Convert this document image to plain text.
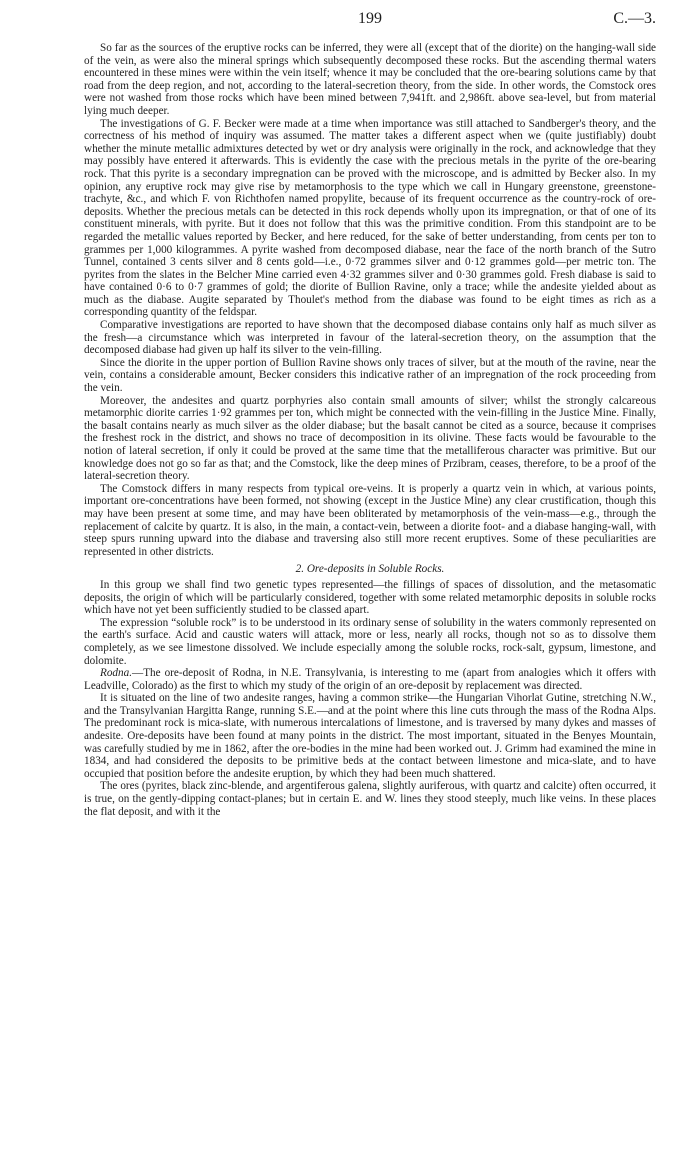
199	C.—3.

So far as the sources of the eruptive rocks can be inferred, they were all (except that of the diorite) on the hanging-wall side of the vein, as were also the mineral springs which subsequently decomposed these rocks. But the ascending thermal waters encountered in these mines were within the vein itself; whence it may be concluded that the ore-bearing solutions came by that road from the deep region, and not, according to the lateral-secretion theory, from the side. In other words, the Comstock ores were not washed from those rocks which have been mined between 7,941ft. and 2,986ft. above sea-level, but from material lying much deeper.

The investigations of G. F. Becker were made at a time when importance was still attached to Sandberger's theory, and the correctness of his method of inquiry was assumed. The matter takes a different aspect when we (quite justifiably) doubt whether the minute metallic admixtures detected by wet or dry analysis were originally in the rock, and acknowledge that they may possibly have entered it afterwards. This is evidently the case with the precious metals in the pyrite of the ore-bearing rock. That this pyrite is a secondary impregnation can be proved with the microscope, and is admitted by Becker also. In my opinion, any eruptive rock may give rise by metamorphosis to the type which we call in Hungary greenstone, greenstone-trachyte, &c., and which F. von Richthofen named propylite, because of its frequent occurrence as the country-rock of ore-deposits. Whether the precious metals can be detected in this rock depends wholly upon its impregnation, or that of one of its constituent minerals, with pyrite. But it does not follow that this was the primitive condition. From this standpoint are to be regarded the metallic values reported by Becker, and here reduced, for the sake of better understanding, from cents per ton to grammes per 1,000 kilogrammes. A pyrite washed from decomposed diabase, near the face of the north branch of the Sutro Tunnel, contained 3 cents silver and 8 cents gold—i.e., 0·72 grammes silver and 0·12 grammes gold—per metric ton. The pyrites from the slates in the Belcher Mine carried even 4·32 grammes silver and 0·30 grammes gold. Fresh diabase is said to have contained 0·6 to 0·7 grammes of gold; the diorite of Bullion Ravine, only a trace; while the andesite yielded about as much as the diabase. Augite separated by Thoulet's method from the diabase was found to be eight times as rich as a corresponding quantity of the feldspar.

Comparative investigations are reported to have shown that the decomposed diabase contains only half as much silver as the fresh—a circumstance which was interpreted in favour of the lateral-secretion theory, on the assumption that the decomposed diabase had given up half its silver to the vein-filling.

Since the diorite in the upper portion of Bullion Ravine shows only traces of silver, but at the mouth of the ravine, near the vein, contains a considerable amount, Becker considers this indicative rather of an impregnation of the rock proceeding from the vein.

Moreover, the andesites and quartz porphyries also contain small amounts of silver; whilst the strongly calcareous metamorphic diorite carries 1·92 grammes per ton, which might be connected with the vein-filling in the Justice Mine. Finally, the basalt contains nearly as much silver as the older diabase; but the basalt cannot be cited as a source, because it comprises the freshest rock in the district, and shows no trace of decomposition in its olivine. These facts would be favourable to the notion of lateral secretion, if only it could be proved at the same time that the metalliferous character was primitive. But our knowledge does not go so far as that; and the Comstock, like the deep mines of Przibram, ceases, therefore, to be a proof of the lateral-secretion theory.

The Comstock differs in many respects from typical ore-veins. It is properly a quartz vein in which, at various points, important ore-concentrations have been formed, not showing (except in the Justice Mine) any clear crustification, though this may have been present at some time, and may have been obliterated by metamorphosis of the vein-mass—e.g., through the replacement of calcite by quartz. It is also, in the main, a contact-vein, between a diorite foot- and a diabase hanging-wall, with steep spurs running upward into the diabase and traversing also still more recent eruptives. Some of these peculiarities are represented in other districts.

2. Ore-deposits in Soluble Rocks.

In this group we shall find two genetic types represented—the fillings of spaces of dissolution, and the metasomatic deposits, the origin of which will be particularly considered, together with some related metamorphic deposits in soluble rocks which have not yet been sufficiently studied to be classed apart.

The expression “soluble rock” is to be understood in its ordinary sense of solubility in the waters commonly represented on the earth's surface. Acid and caustic waters will attack, more or less, nearly all rocks, though not so as to dissolve them completely, as we see limestone dissolved. We include especially among the soluble rocks, rock-salt, gypsum, limestone, and dolomite.

Rodna.—The ore-deposit of Rodna, in N.E. Transylvania, is interesting to me (apart from analogies which it offers with Leadville, Colorado) as the first to which my study of the origin of an ore-deposit by replacement was directed.

It is situated on the line of two andesite ranges, having a common strike—the Hungarian Vihorlat Gutine, stretching N.W., and the Transylvanian Hargitta Range, running S.E.—and at the point where this line cuts through the mass of the Rodna Alps. The predominant rock is mica-slate, with numerous intercalations of limestone, and is traversed by many dykes and masses of andesite. Ore-deposits have been found at many points in the district. The most important, situated in the Benyes Mountain, was carefully studied by me in 1862, after the ore-bodies in the mine had been worked out. J. Grimm had examined the mine in 1834, and had considered the deposits to be primitive beds at the contact between limestone and mica-slate, and to have occupied that position before the andesite eruption, by which they had been much shattered.

The ores (pyrites, black zinc-blende, and argentiferous galena, slightly auriferous, with quartz and calcite) often occurred, it is true, on the gently-dipping contact-planes; but in certain E. and W. lines they stood steeply, much like veins. In these places the flat deposit, and with it the
